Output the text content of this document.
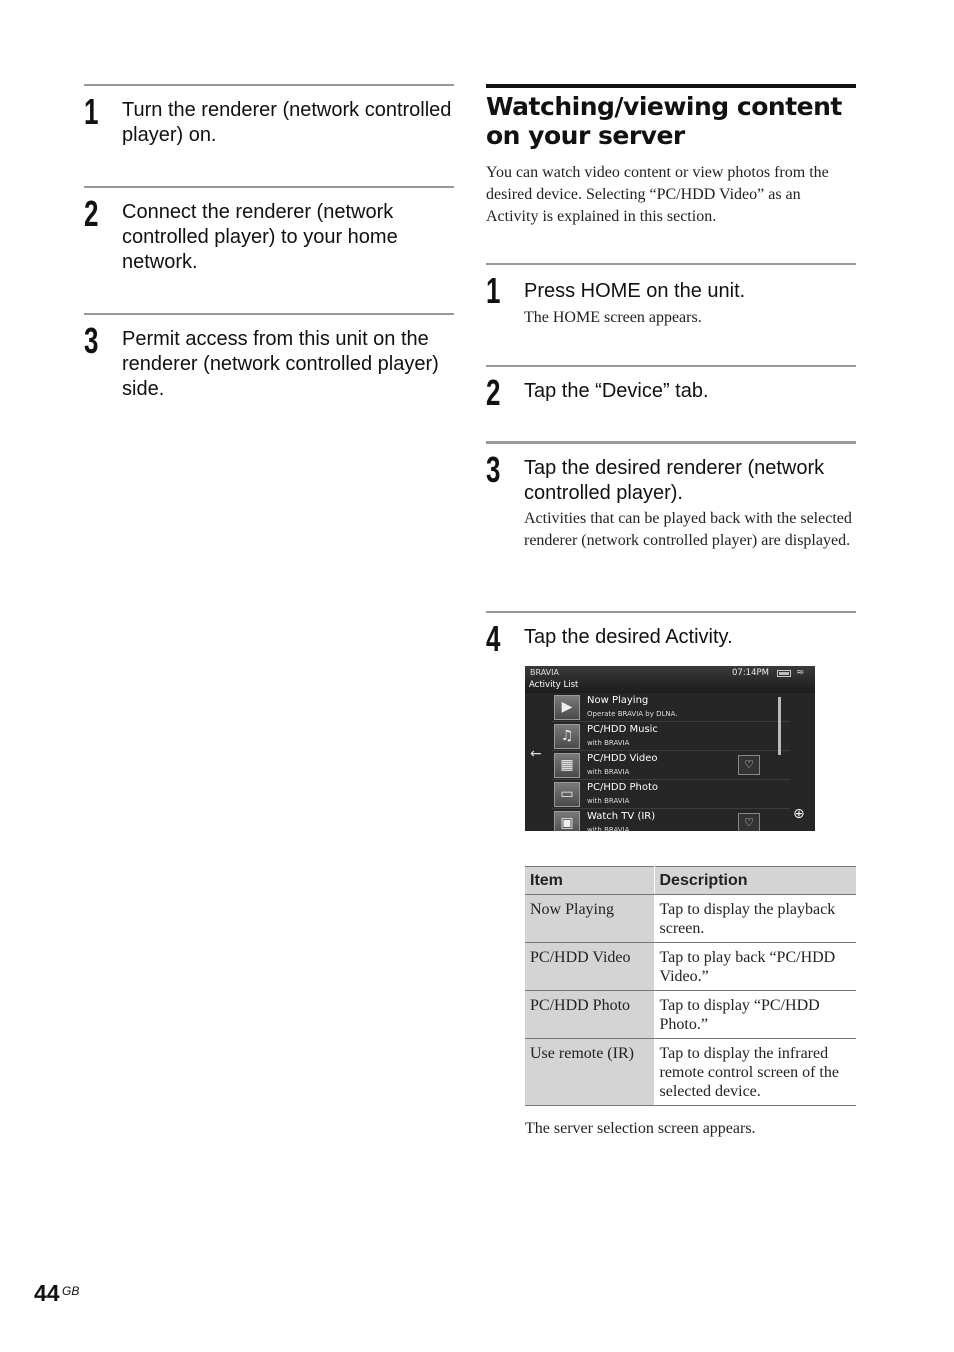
1 Turn the renderer (network controlled player) on.
2 Connect the renderer (network controlled player) to your home network.
3 Permit access from this unit on the renderer (network controlled player) side.
Watching/viewing content on your server

You can watch video content or view photos from the desired device. Selecting “PC/HDD Video” as an Activity is explained in this section.

1 Press HOME on the unit.
The HOME screen appears.
2 Tap the “Device” tab.
3 Tap the desired renderer (network controlled player).
Activities that can be played back with the selected renderer (network controlled player) are displayed.
4 Tap the desired Activity.
BRAVIA
Activity List
07:14PM	≈
←
▶	Now Playing
Operate BRAVIA by DLNA.
♫	PC/HDD Music
with BRAVIA
▦	PC/HDD Video
with BRAVIA
♡
▭	PC/HDD Photo
with BRAVIA
▣	Watch TV (IR)
with BRAVIA
♡
⊕
Item	Description
Now Playing	Tap to display the playback screen.
PC/HDD Video	Tap to play back “PC/HDD Video.”
PC/HDD Photo	Tap to display “PC/HDD Photo.”
Use remote (IR)	Tap to display the infrared remote control screen of the selected device.

The server selection screen appears.

44 GB
